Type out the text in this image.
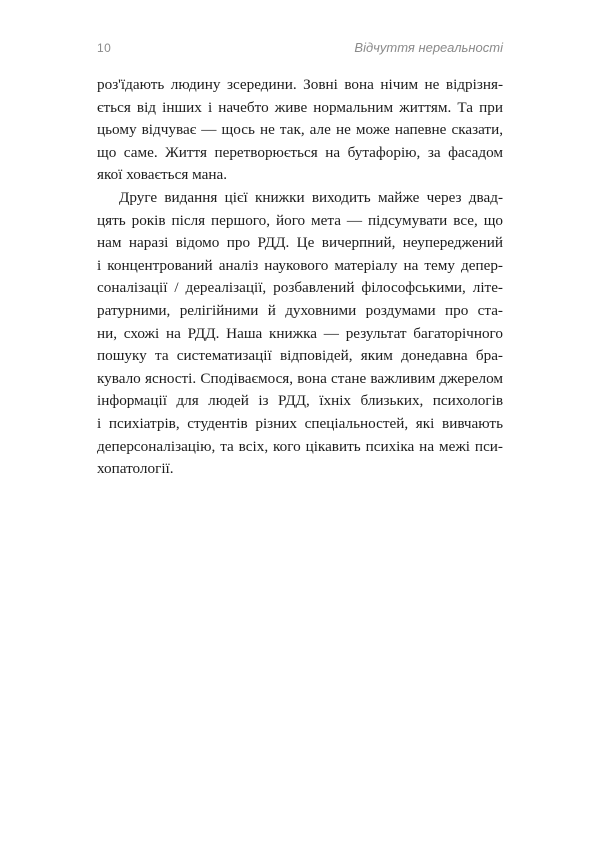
10	Відчуття нереальності
роз'їдають людину зсередини. Зовні вона нічим не відрізня-
ється від інших і начебто живе нормальним життям. Та при
цьому відчуває — щось не так, але не може напевне сказати,
що саме. Життя перетворюється на бутафорію, за фасадом
якої ховається мана.
Друге видання цієї книжки виходить майже через двад-
цять років після першого, його мета — підсумувати все, що
нам наразі відомо про РДД. Це вичерпний, неупереджений
і концентрований аналіз наукового матеріалу на тему депер-
соналізації / дереалізації, розбавлений філософськими, літе-
ратурними, релігійними й духовними роздумами про ста-
ни, схожі на РДД. Наша книжка — результат багаторічного
пошуку та систематизації відповідей, яким донедавна бра-
кувало ясності. Сподіваємося, вона стане важливим джерелом
інформації для людей із РДД, їхніх близьких, психологів
і психіатрів, студентів різних спеціальностей, які вивчають
деперсоналізацію, та всіх, кого цікавить психіка на межі пси-
хопатології.
